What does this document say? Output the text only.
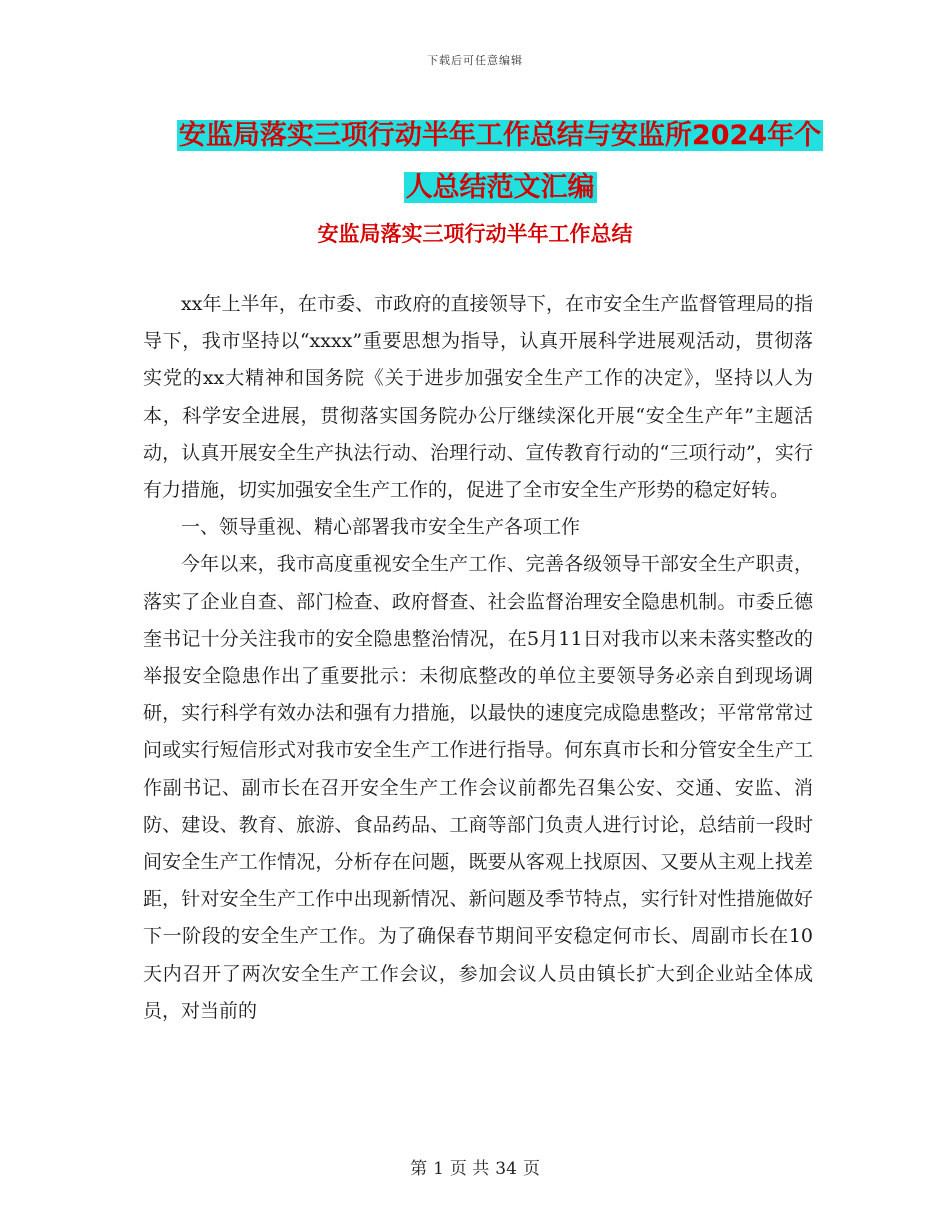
下载后可任意编辑
安监局落实三项行动半年工作总结与安监所2024年个
人总结范文汇编
安监局落实三项行动半年工作总结

xx年上半年，在市委、市政府的直接领导下，在市安全生产监督管理局的指导下，我市坚持以“xxxx”重要思想为指导，认真开展科学进展观活动，贯彻落实党的xx大精神和国务院《关于进步加强安全生产工作的决定》，坚持以人为本，科学安全进展，贯彻落实国务院办公厅继续深化开展“安全生产年”主题活动，认真开展安全生产执法行动、治理行动、宣传教育行动的“三项行动”，实行有力措施，切实加强安全生产工作的，促进了全市安全生产形势的稳定好转。

一、领导重视、精心部署我市安全生产各项工作

今年以来，我市高度重视安全生产工作、完善各级领导干部安全生产职责，落实了企业自查、部门检查、政府督查、社会监督治理安全隐患机制。市委丘德奎书记十分关注我市的安全隐患整治情况，在5月11日对我市以来未落实整改的举报安全隐患作出了重要批示：未彻底整改的单位主要领导务必亲自到现场调研，实行科学有效办法和强有力措施，以最快的速度完成隐患整改；平常常常过问或实行短信形式对我市安全生产工作进行指导。何东真市长和分管安全生产工作副书记、副市长在召开安全生产工作会议前都先召集公安、交通、安监、消防、建设、教育、旅游、食品药品、工商等部门负责人进行讨论，总结前一段时间安全生产工作情况，分析存在问题，既要从客观上找原因、又要从主观上找差距，针对安全生产工作中出现新情况、新问题及季节特点，实行针对性措施做好下一阶段的安全生产工作。为了确保春节期间平安稳定何市长、周副市长在10天内召开了两次安全生产工作会议，参加会议人员由镇长扩大到企业站全体成员，对当前的

第 1 页 共 34 页
